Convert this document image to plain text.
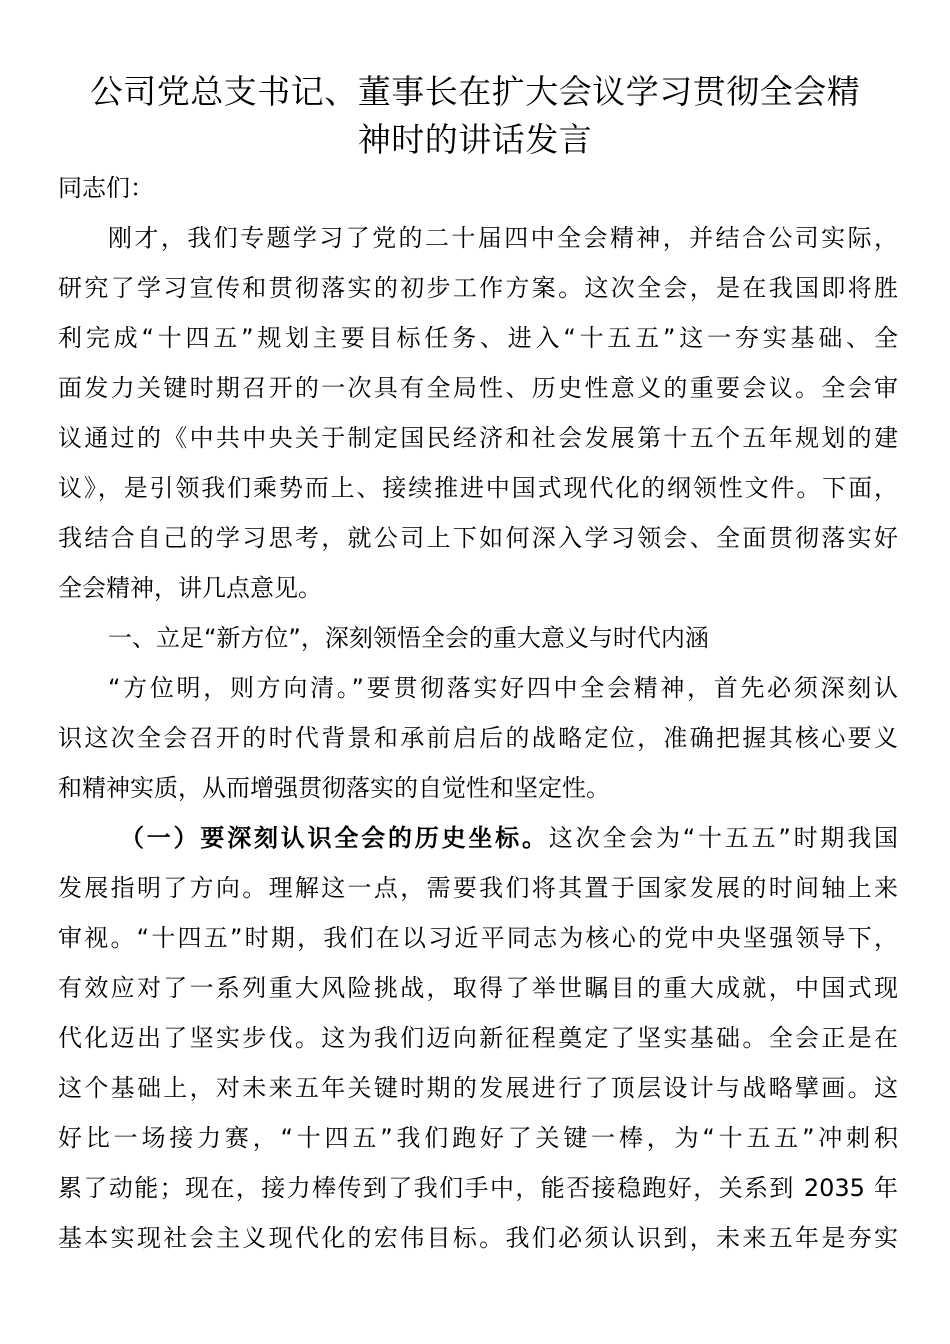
公司党总支书记、董事长在扩大会议学习贯彻全会精
神时的讲话发言
同志们：
刚才，我们专题学习了党的二十届四中全会精神，并结合公司实际，
研究了学习宣传和贯彻落实的初步工作方案。这次全会，是在我国即将胜
利完成“十四五”规划主要目标任务、进入“十五五”这一夯实基础、全
面发力关键时期召开的一次具有全局性、历史性意义的重要会议。全会审
议通过的《中共中央关于制定国民经济和社会发展第十五个五年规划的建
议》，是引领我们乘势而上、接续推进中国式现代化的纲领性文件。下面，
我结合自己的学习思考，就公司上下如何深入学习领会、全面贯彻落实好
全会精神，讲几点意见。
一、立足“新方位”，深刻领悟全会的重大意义与时代内涵
“方位明，则方向清。”要贯彻落实好四中全会精神，首先必须深刻认
识这次全会召开的时代背景和承前启后的战略定位，准确把握其核心要义
和精神实质，从而增强贯彻落实的自觉性和坚定性。
（一）要深刻认识全会的历史坐标。这次全会为“十五五”时期我国
发展指明了方向。理解这一点，需要我们将其置于国家发展的时间轴上来
审视。“十四五”时期，我们在以习近平同志为核心的党中央坚强领导下，
有效应对了一系列重大风险挑战，取得了举世瞩目的重大成就，中国式现
代化迈出了坚实步伐。这为我们迈向新征程奠定了坚实基础。全会正是在
这个基础上，对未来五年关键时期的发展进行了顶层设计与战略擘画。这
好比一场接力赛，“十四五”我们跑好了关键一棒，为“十五五”冲刺积
累了动能；现在，接力棒传到了我们手中，能否接稳跑好，关系到 2035 年
基本实现社会主义现代化的宏伟目标。我们必须认识到，未来五年是夯实
